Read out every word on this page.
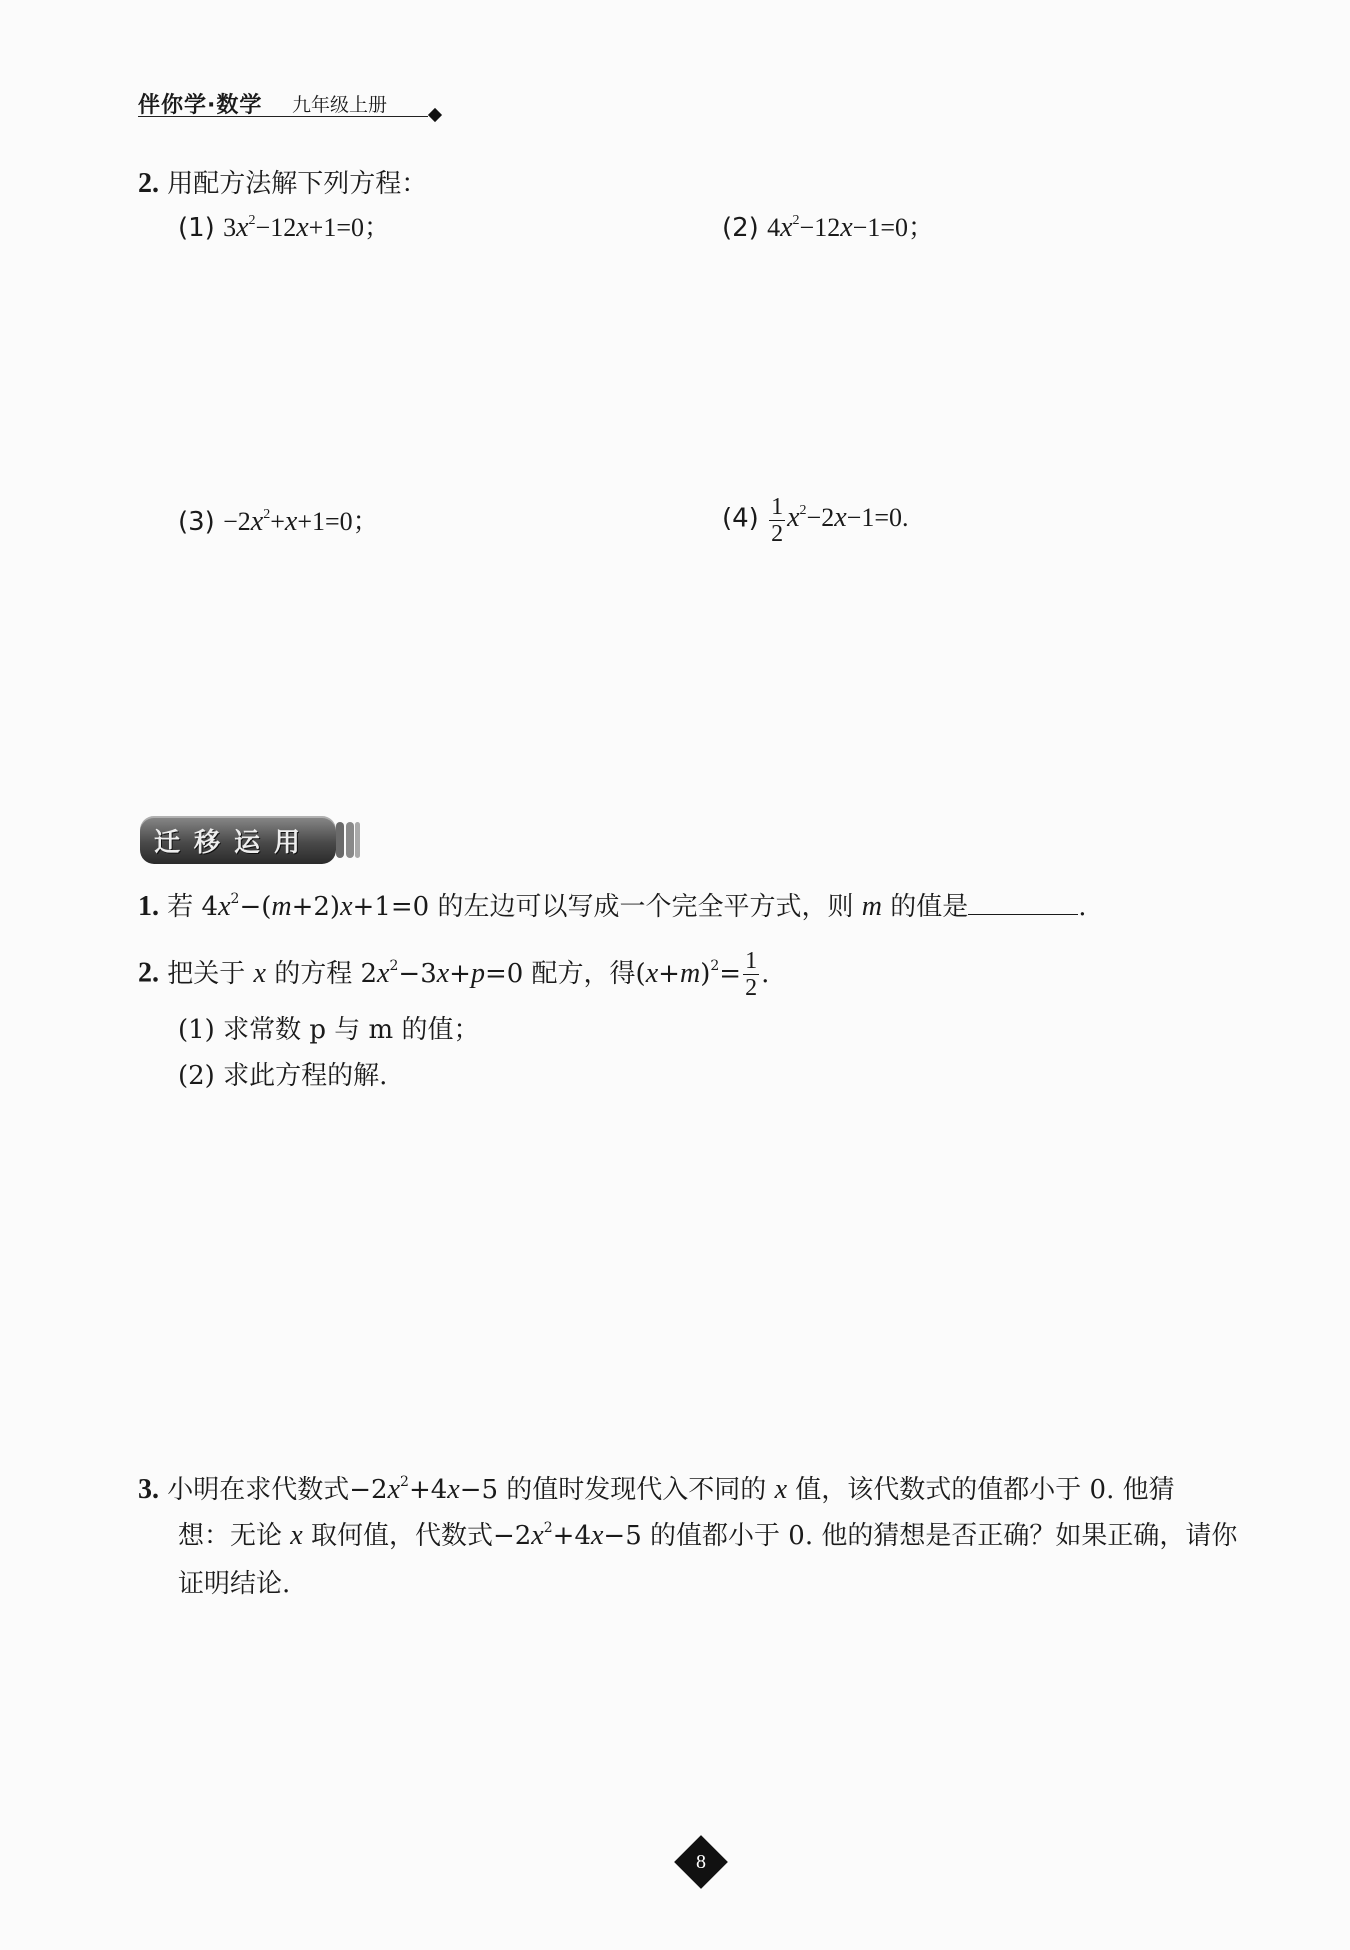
伴你学·数学 九年级上册
2. 用配方法解下列方程：
(1) $3x^2-12x+1=0$；	(2) $4x^2-12x-1=0$；
$(3) -2x^2+x+1=0$；	$(4) \frac{1}{2} x^2-2x-1=0$.
迁移运用
1. 若 $4x^2-(m+2)x+1=0$ 的左边可以写成一个完全平方式，则 m 的值是	.
2. 把关于 x 的方程 $2x^2-3x+p=0$ 配方，得$(x+m)^2= \frac{1}{2}$ .
(1) 求常数 p 与 m 的值；
(2) 求此方程的解.
3. 小明在求代数式$-2x^2+4x-5$ 的值时发现代入不同的 x 值，该代数式的值都小于 0. 他猜
想：无论 x 取何值，代数式$-2x^2+4x-5$ 的值都小于 0. 他的猜想是否正确？如果正确，请你
证明结论.
8
